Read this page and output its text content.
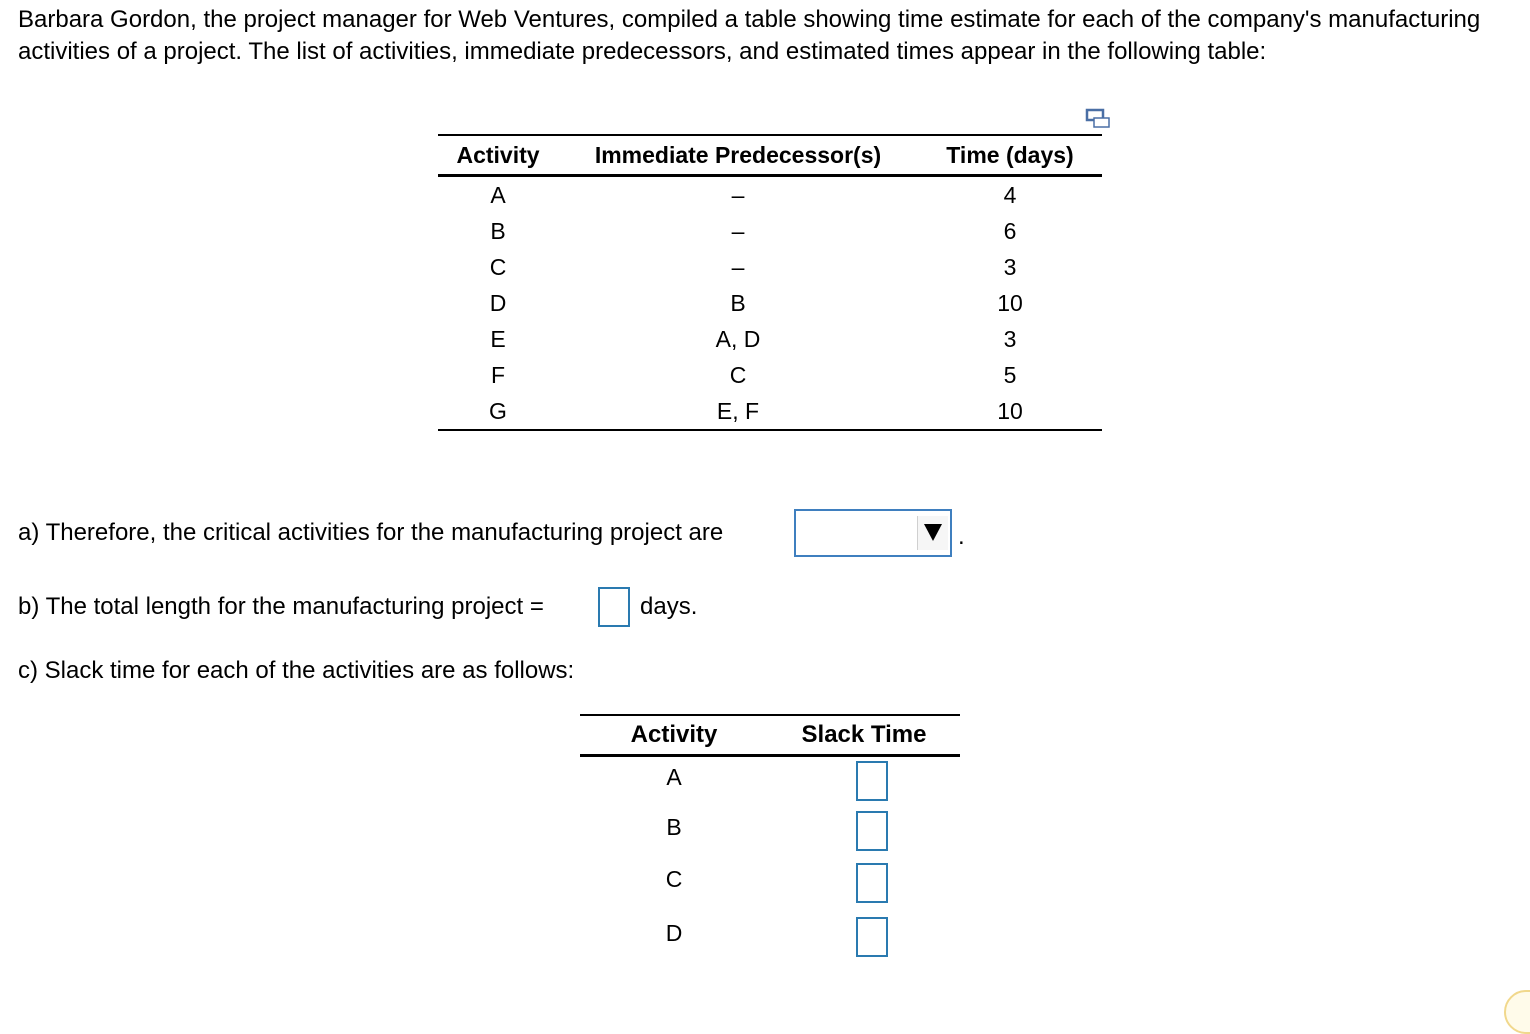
Barbara Gordon, the project manager for Web Ventures, compiled a table showing time estimate for each of the company's manufacturing activities of a project. The list of activities, immediate predecessors, and estimated times appear in the following table:
Activity	Immediate Predecessor(s)	Time (days)
A	–	4
B	–	6
C	–	3
D	B	10
E	A, D	3
F	C	5
G	E, F	10
a) Therefore, the critical activities for the manufacturing project are	.
b) The total length for the manufacturing project =	days.
c) Slack time for each of the activities are as follows:
Activity	Slack Time

A	

B	

C	

D	
